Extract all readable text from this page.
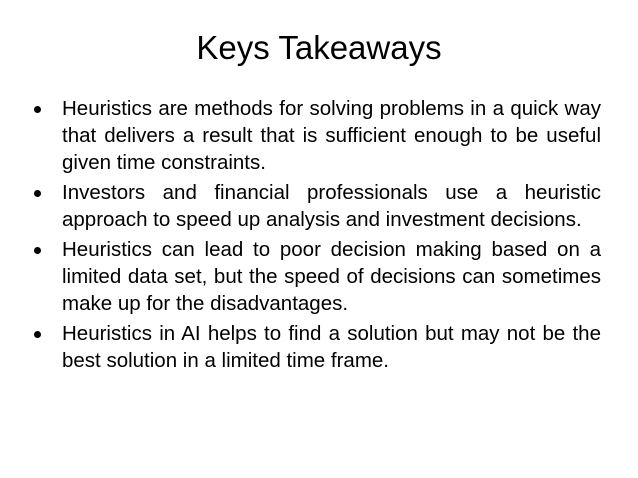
Keys Takeaways
Heuristics are methods for solving problems in a quick way that delivers a result that is sufficient enough to be useful given time constraints.
Investors and financial professionals use a heuristic approach to speed up analysis and investment decisions.
Heuristics can lead to poor decision making based on a limited data set, but the speed of decisions can sometimes make up for the disadvantages.
Heuristics in AI helps to find a solution but may not be the best solution in a limited time frame.
